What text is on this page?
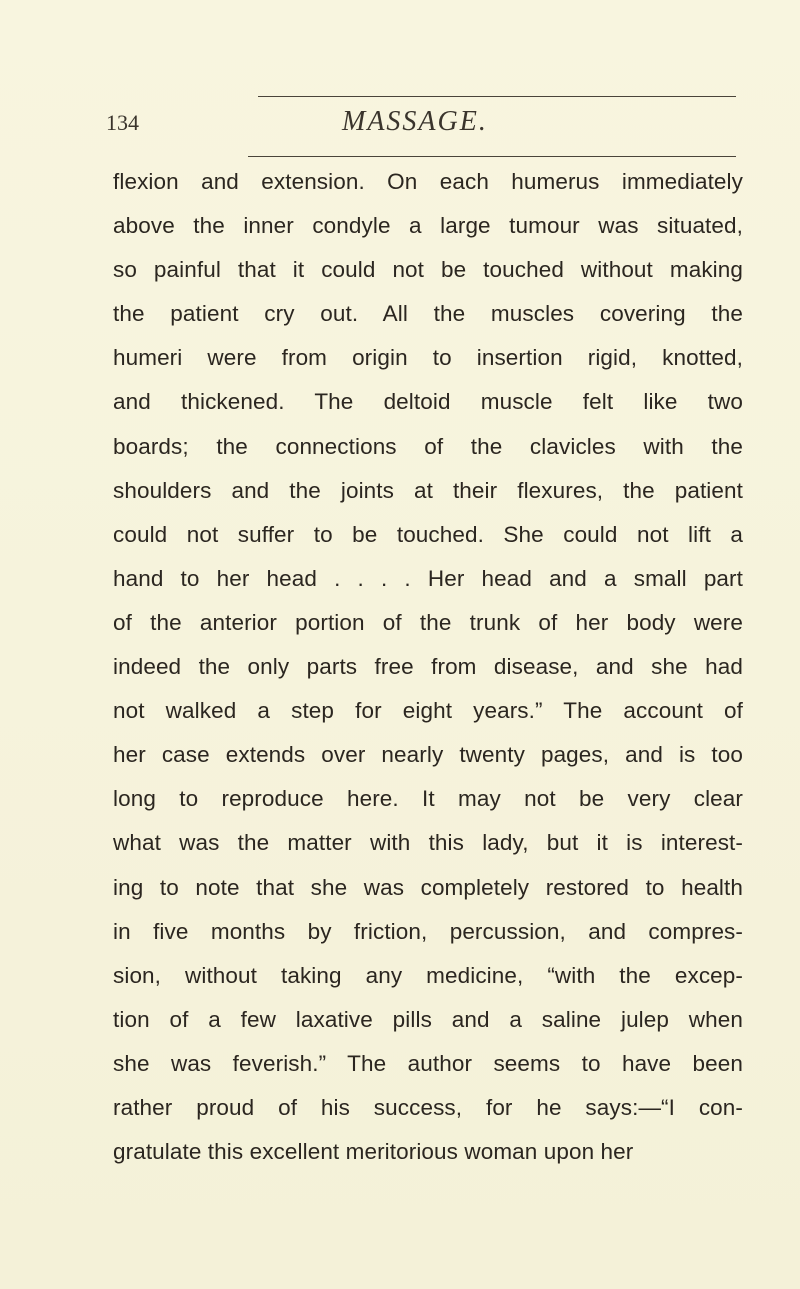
134	MASSAGE.
flexion and extension. On each humerus immediately
above the inner condyle a large tumour was situated,
so painful that it could not be touched without making
the patient cry out. All the muscles covering the
humeri were from origin to insertion rigid, knotted,
and thickened. The deltoid muscle felt like two
boards; the connections of the clavicles with the
shoulders and the joints at their flexures, the patient
could not suffer to be touched. She could not lift a
hand to her head . . . . Her head and a small part
of the anterior portion of the trunk of her body were
indeed the only parts free from disease, and she had
not walked a step for eight years.” The account of
her case extends over nearly twenty pages, and is too
long to reproduce here. It may not be very clear
what was the matter with this lady, but it is interest-
ing to note that she was completely restored to health
in five months by friction, percussion, and compres-
sion, without taking any medicine, “with the excep-
tion of a few laxative pills and a saline julep when
she was feverish.” The author seems to have been
rather proud of his success, for he says:—“I con-
gratulate this excellent meritorious woman upon her
